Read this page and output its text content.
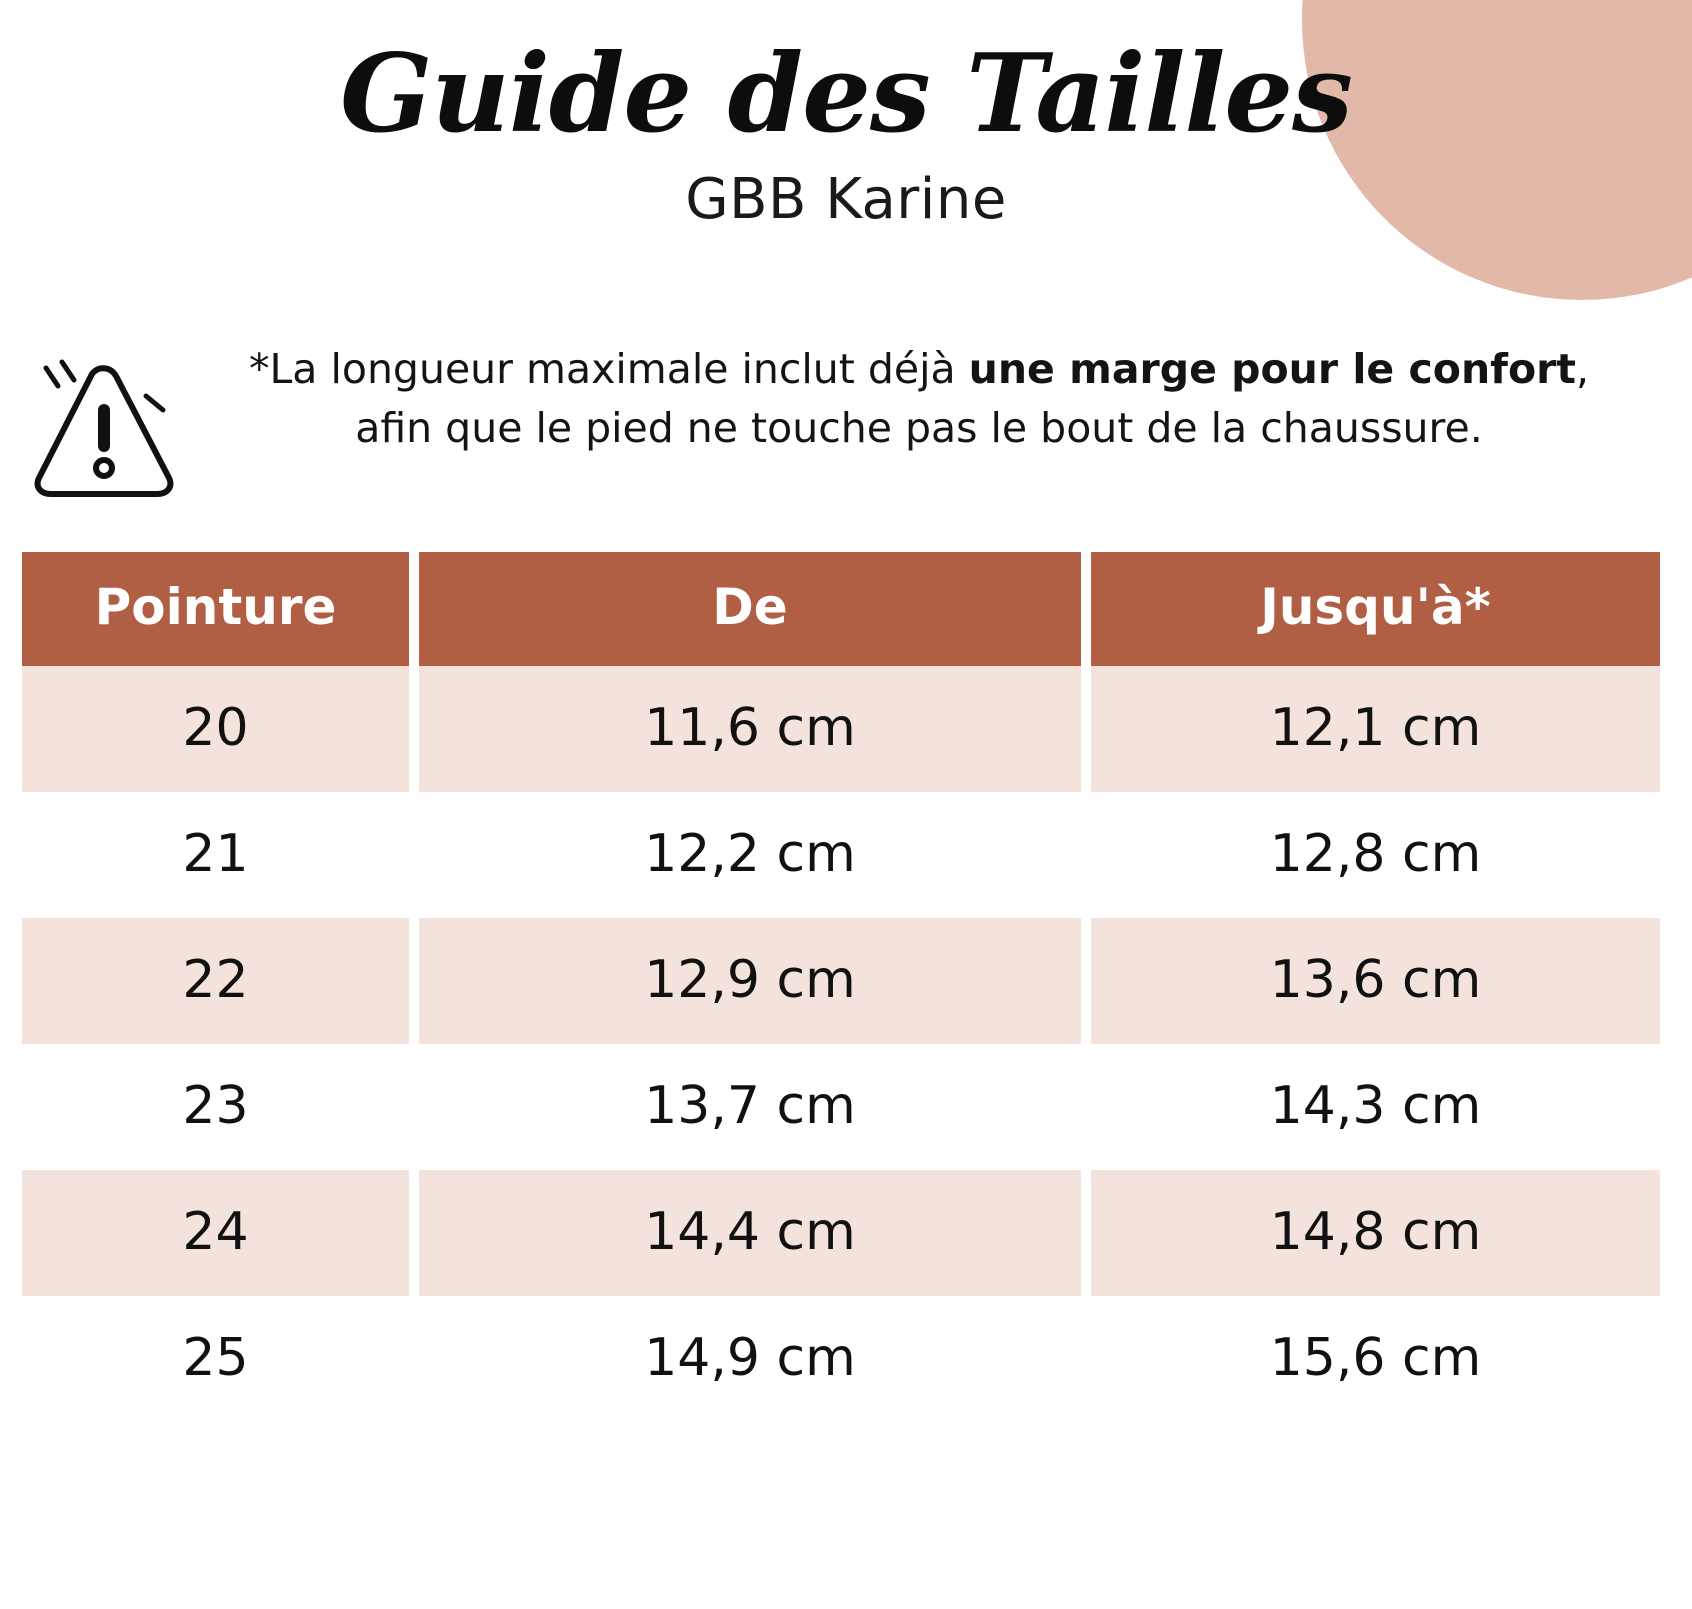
Guide des Tailles
GBB Karine
*La longueur maximale inclut déjà une marge pour le confort,
afin que le pied ne touche pas le bout de la chaussure.
Pointure	De	Jusqu'à*
20	11,6 cm	12,1 cm
21	12,2 cm	12,8 cm
22	12,9 cm	13,6 cm
23	13,7 cm	14,3 cm
24	14,4 cm	14,8 cm
25	14,9 cm	15,6 cm
